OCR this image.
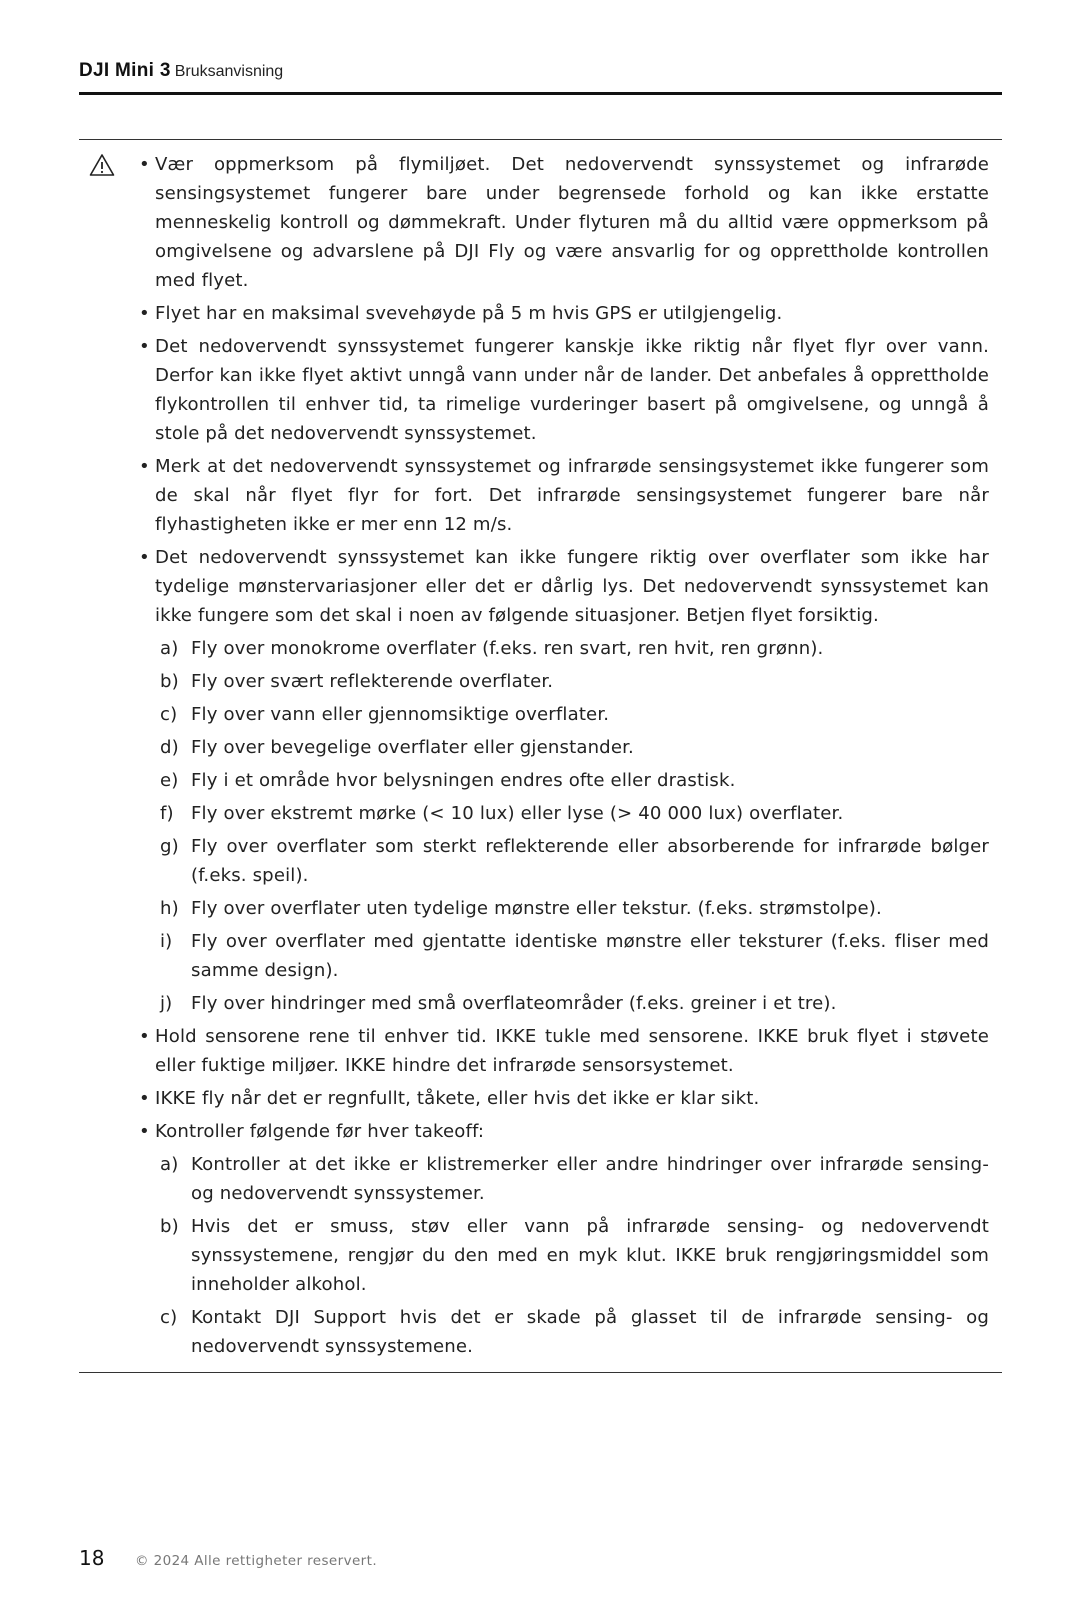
DJI Mini 3 Bruksanvisning
• Vær oppmerksom på flymiljøet. Det nedovervendt synssystemet og infrarøde sensingsystemet fungerer bare under begrensede forhold og kan ikke erstatte menneskelig kontroll og dømmekraft. Under flyturen må du alltid være oppmerksom på omgivelsene og advarslene på DJI Fly og være ansvarlig for og opprettholde kontrollen med flyet.
• Flyet har en maksimal svevehøyde på 5 m hvis GPS er utilgjengelig.
• Det nedovervendt synssystemet fungerer kanskje ikke riktig når flyet flyr over vann. Derfor kan ikke flyet aktivt unngå vann under når de lander. Det anbefales å opprettholde flykontrollen til enhver tid, ta rimelige vurderinger basert på omgivelsene, og unngå å stole på det nedovervendt synssystemet.
• Merk at det nedovervendt synssystemet og infrarøde sensingsystemet ikke fungerer som de skal når flyet flyr for fort. Det infrarøde sensingsystemet fungerer bare når flyhastigheten ikke er mer enn 12 m/s.
• Det nedovervendt synssystemet kan ikke fungere riktig over overflater som ikke har tydelige mønstervariasjoner eller det er dårlig lys. Det nedovervendt synssystemet kan ikke fungere som det skal i noen av følgende situasjoner. Betjen flyet forsiktig.
a) Fly over monokrome overflater (f.eks. ren svart, ren hvit, ren grønn).
b) Fly over svært reflekterende overflater.
c) Fly over vann eller gjennomsiktige overflater.
d) Fly over bevegelige overflater eller gjenstander.
e) Fly i et område hvor belysningen endres ofte eller drastisk.
f) Fly over ekstremt mørke (< 10 lux) eller lyse (> 40 000 lux) overflater.
g) Fly over overflater som sterkt reflekterende eller absorberende for infrarøde bølger (f.eks. speil).
h) Fly over overflater uten tydelige mønstre eller tekstur. (f.eks. strømstolpe).
i)	Fly over overflater med gjentatte identiske mønstre eller teksturer (f.eks. fliser med samme design).
j)	Fly over hindringer med små overflateområder (f.eks. greiner i et tre).
• Hold sensorene rene til enhver tid. IKKE tukle med sensorene. IKKE bruk flyet i støvete eller fuktige miljøer. IKKE hindre det infrarøde sensorsystemet.
• IKKE fly når det er regnfullt, tåkete, eller hvis det ikke er klar sikt.
• Kontroller følgende før hver takeoff:
a) Kontroller at det ikke er klistremerker eller andre hindringer over infrarøde sensing- og nedovervendt synssystemer.
b) Hvis det er smuss, støv eller vann på infrarøde sensing- og nedovervendt synssystemene, rengjør du den med en myk klut. IKKE bruk rengjøringsmiddel som inneholder alkohol.
c) Kontakt DJI Support hvis det er skade på glasset til de infrarøde sensing- og nedovervendt synssystemene.
18	© 2024 Alle rettigheter reservert.
